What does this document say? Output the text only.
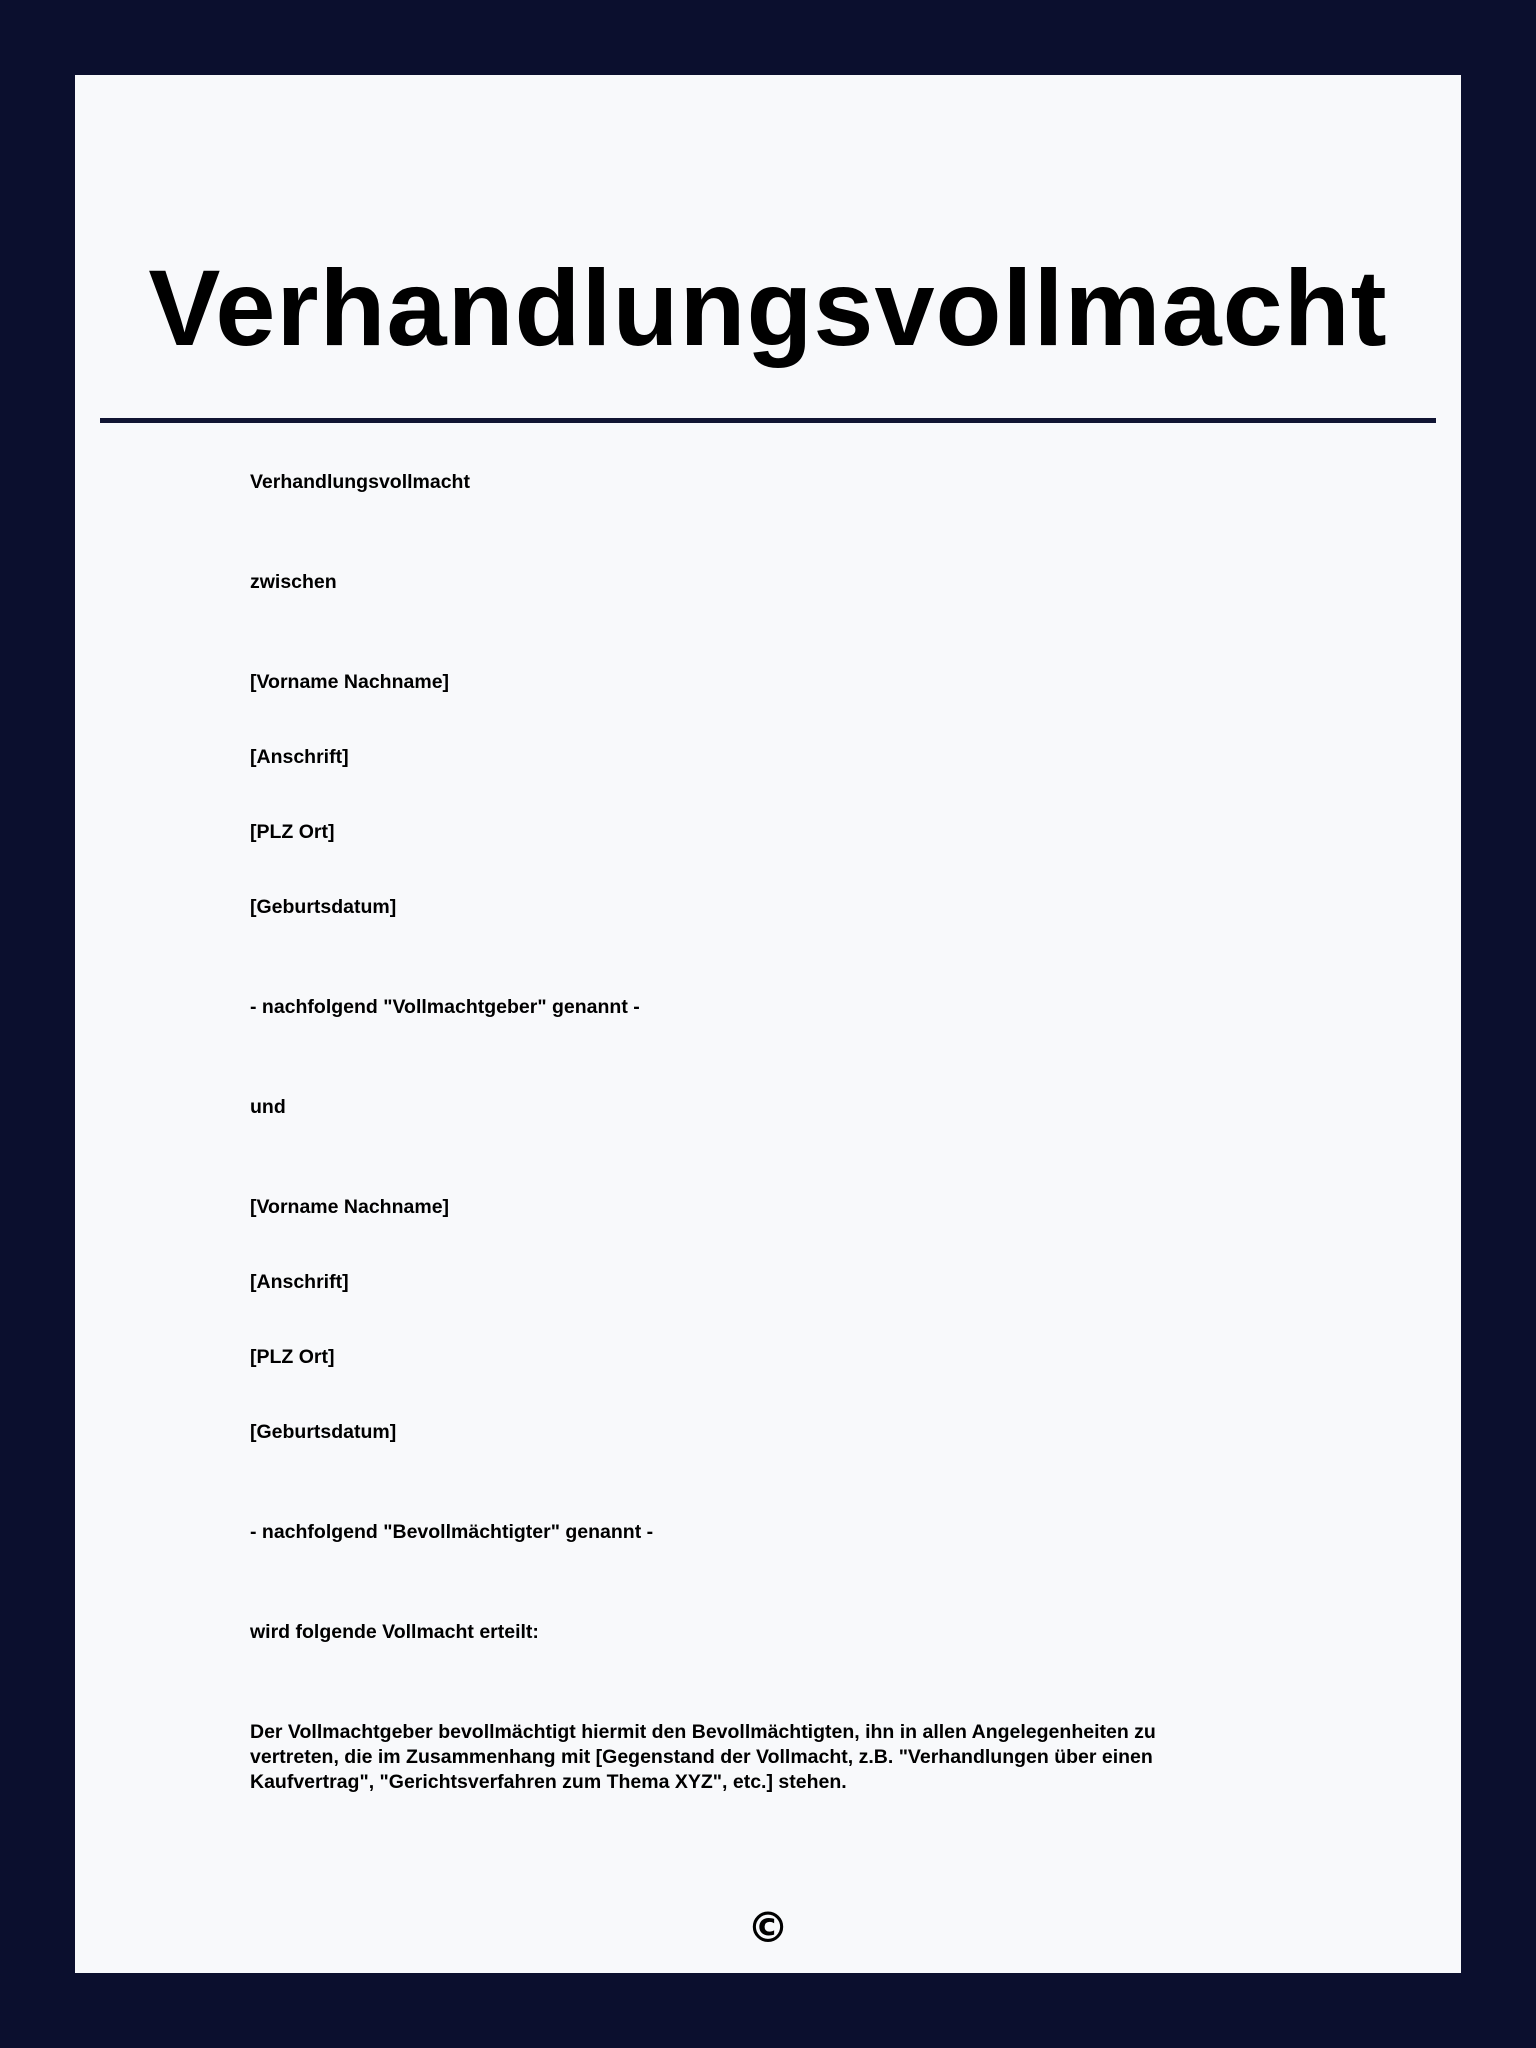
Verhandlungsvollmacht
Verhandlungsvollmacht
zwischen
[Vorname Nachname]
[Anschrift]
[PLZ Ort]
[Geburtsdatum]
- nachfolgend "Vollmachtgeber" genannt -
und
[Vorname Nachname]
[Anschrift]
[PLZ Ort]
[Geburtsdatum]
- nachfolgend "Bevollmächtigter" genannt -
wird folgende Vollmacht erteilt:
Der Vollmachtgeber bevollmächtigt hiermit den Bevollmächtigten, ihn in allen Angelegenheiten zu vertreten, die im Zusammenhang mit [Gegenstand der Vollmacht, z.B. "Verhandlungen über einen Kaufvertrag", "Gerichtsverfahren zum Thema XYZ", etc.] stehen.
©
